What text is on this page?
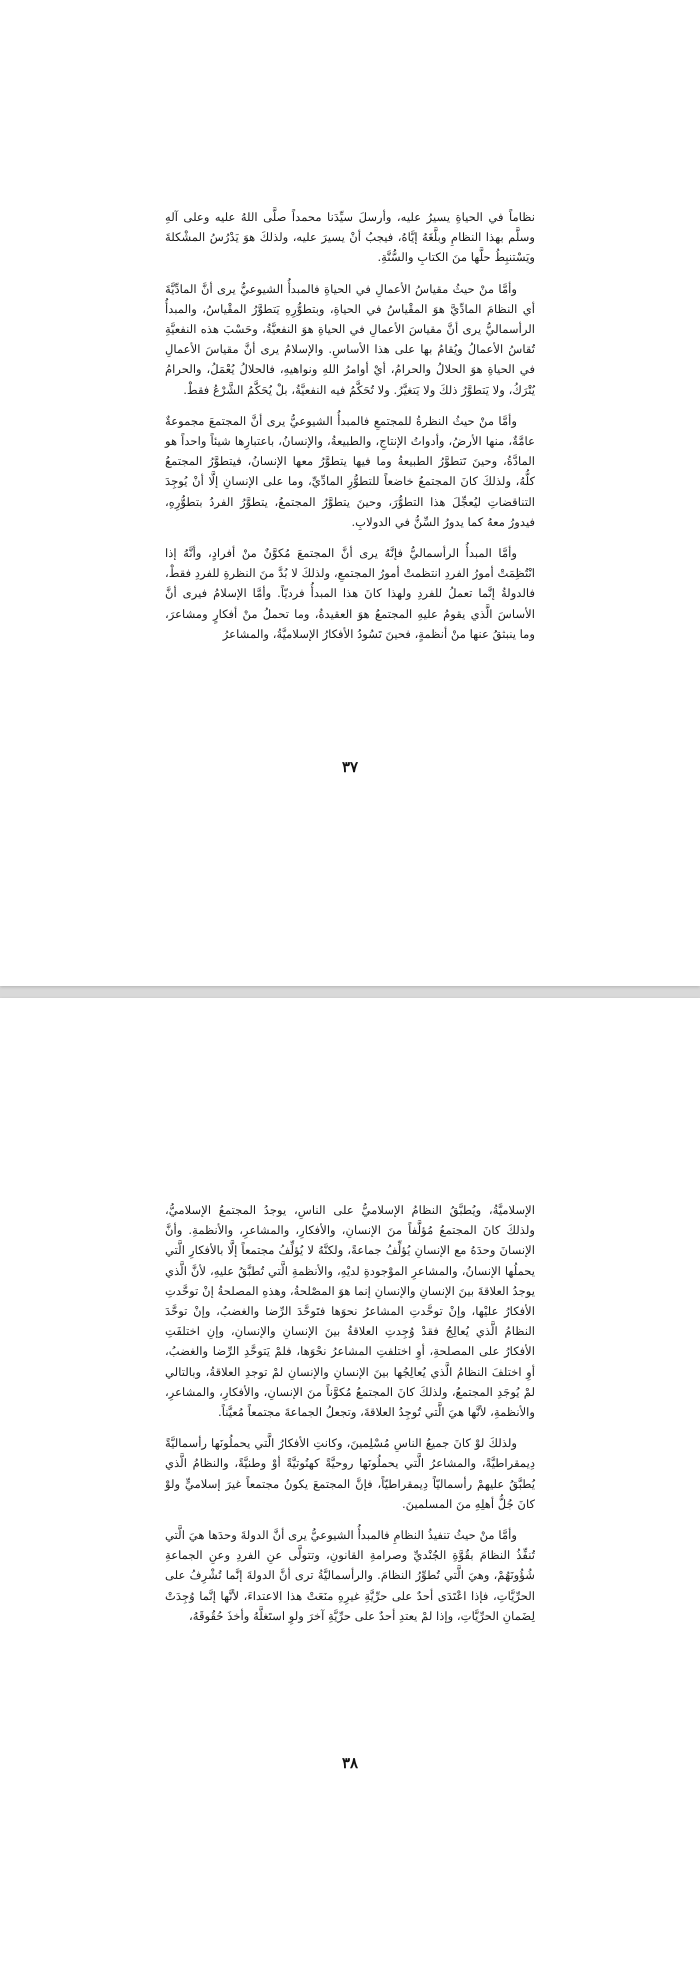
نظاماً في الحياةِ يسيرُ عليه، وأرسلَ سيِّدَنا محمداً صلَّى اللهُ عليه وعلى آلهِ وسلَّم بهذا النظامِ وبلَّغَهُ إيَّاهُ، فيجبُ أنْ يسيرَ عليه، ولذلكَ هوَ يَدْرُسُ المشْكلةَ ويَسْتنبِطُ حلَّها منَ الكتابِ والسُّنَّةِ.

وأمَّا منْ حيثُ مقياسُ الأعمالِ في الحياةِ فالمبدأُ الشيوعيُّ يرى أنَّ المادِّيَّةَ أي النظامَ المادِّيَّ هوَ المقْياسُ في الحياةِ، وبتطوُّرِهِ يَتطوَّرُ المقْياسُ، والمبدأُ الرأسماليُّ يرى أنَّ مقياسَ الأعمالِ في الحياةِ هوَ النفعيَّةُ، وحَسْبَ هذه النفعيَّةِ تُقاسُ الأعمالُ ويُقامُ بها على هذا الأساسِ. والإسلامُ يرى أنَّ مقياسَ الأعمالِ في الحياةِ هوَ الحلالُ والحرامُ، أيْ أوامرُ اللهِ ونواهيهِ، فالحلالُ يُعْمَلُ، والحرامُ يُتْرَكُ، ولا يَتطوَّرُ ذلكَ ولا يَتغيَّرُ. ولا تُحَكَّمُ فيه النفعيَّةُ، بلْ يُحَكَّمُ الشَّرْعُ فقطْ.

وأمَّا منْ حيثُ النظرةُ للمجتمعِ فالمبدأُ الشيوعيُّ يرى أنَّ المجتمعَ مجموعةٌ عامَّةٌ، منها الأرضُ، وأدواتُ الإنتاجِ، والطبيعةُ، والإنسانُ، باعتبارِها شيئاً واحداً هو المادَّةُ، وحينَ تَتطوَّرُ الطبيعةُ وما فيها يتطوَّرُ معها الإنسانُ، فيتطوَّرُ المجتمعُ كلُّهُ، ولذلكَ كانَ المجتمعُ خاضعاً للتطوُّرِ المادِّيِّ، وما على الإنسانِ إلَّا أنْ يُوجِدَ التناقضاتِ ليُعجِّلَ هذا التطوُّرَ، وحينَ يتطوَّرُ المجتمعُ، يتطوَّرُ الفردُ بتطوُّرِهِ، فيدورُ معهُ كما يدورُ السِّنُّ في الدولابِ.

وأمَّا المبدأُ الرأسماليُّ فإنَّهُ يرى أنَّ المجتمعَ مُكوَّنٌ منْ أفرادٍ، وأنَّهُ إذا انْتُظِمَتْ أمورُ الفردِ انتظمتْ أمورُ المجتمعِ، ولذلكَ لا بُدَّ منَ النظرةِ للفردِ فقطْ، فالدولةُ إنَّما تعملُ للفردِ ولهذا كانَ هذا المبدأُ فرديّاً. وأمَّا الإسلامُ فيرى أنَّ الأساسَ الَّذي يقومُ عليهِ المجتمعُ هوَ العقيدةُ، وما تحملُ منْ أفكارٍ ومشاعرَ، وما ينبثقُ عنها منْ أنظمةٍ، فحينَ تَسُودُ الأفكارُ الإسلاميَّةُ، والمشاعرُ

٣٧

الإسلاميَّةُ، ويُطبَّقُ النظامُ الإسلاميُّ على الناسِ، يوجدُ المجتمعُ الإسلاميُّ، ولذلكَ كانَ المجتمعُ مُؤلَّفاً منَ الإنسانِ، والأفكارِ، والمشاعرِ، والأنظمةِ. وأنَّ الإنسانَ وحدَهُ مع الإنسانِ يُؤلِّفُ جماعةً، ولكنَّهُ لا يُؤلِّفُ مجتمعاً إلَّا بالأفكارِ الَّتي يحملُها الإنسانُ، والمشاعرِ الموْجودةِ لديْهِ، والأنظمةِ الَّتي تُطبَّقُ عليهِ، لأنَّ الَّذي يوجدُ العلاقةَ بينَ الإنسانِ والإنسانِ إنما هوَ المصْلحةُ، وهذهِ المصلحةُ إنْ توحَّدتِ الأفكارُ عليْها، وإنْ توحَّدتِ المشاعرُ نحوَها فتَوحَّدَ الرِّضا والغضبُ، وإنْ توحَّدَ النظامُ الَّذي يُعالِجُ فقدْ وُجِدتِ العلاقةُ بينَ الإنسانِ والإنسانِ، وإنِ اختلفَتِ الأفكارُ على المصلحةِ، أوِ اختلفتِ المشاعرُ نحْوَها، فلمْ يَتوحَّدِ الرِّضا والغضبُ، أوِ اختلفَ النظامُ الَّذي يُعالِجُها بينَ الإنسانِ والإنسانِ لمْ توجدِ العلاقةُ، وبالتالي لمْ يُوجَدِ المجتمعُ، ولذلكَ كانَ المجتمعُ مُكوَّناً منَ الإنسانِ، والأفكارِ، والمشاعرِ، والأنظمةِ، لأنَّها هيَ الَّتي تُوجِدُ العلاقةَ، وتجعلُ الجماعةَ مجتمعاً مُعيَّناً.

ولذلكَ لوْ كانَ جميعُ الناسِ مُسْلِمينَ، وكانتِ الأفكارُ الَّتي يحملُونَها رأسماليَّةً دِيمقراطيَّةً، والمشاعرُ الَّتي يحملُونَها روحيَّةً كهنُوتيَّةً أوْ وطنيَّةً، والنظامُ الَّذي يُطبَّقُ عليهمْ رأسماليّاً دِيمقراطيّاً، فإنَّ المجتمعَ يكونُ مجتمعاً غيرَ إسلاميٍّ ولوْ كانَ جُلُّ أهلِهِ منَ المسلمينَ.

وأمَّا منْ حيثُ تنفيذُ النظامِ فالمبدأُ الشيوعيُّ يرى أنَّ الدولةَ وحدَها هيَ الَّتي تُنفِّذُ النظامَ بقُوَّةِ الجُنْديِّ وصرامةِ القانونِ، وتتولَّى عنِ الفردِ وعنِ الجماعةِ شُؤُونَهُمْ، وهيَ الَّتي تُطوِّرُ النظامَ. والرأسماليَّةُ ترى أنَّ الدولةَ إنَّما تُشْرِفُ على الحرِّيَّاتِ، فإذا اعْتَدَى أحدٌ على حرِّيَّةِ غيرِهِ منَعَتْ هذا الاعتداءَ، لأنَّها إنَّما وُجِدَتْ لِضَمانِ الحرِّيَّاتِ، وإذا لمْ يعتدِ أحدٌ على حرِّيَّةِ آخرَ ولوِ استَغلَّهُ وأخذَ حُقُوقَهُ،

٣٨
